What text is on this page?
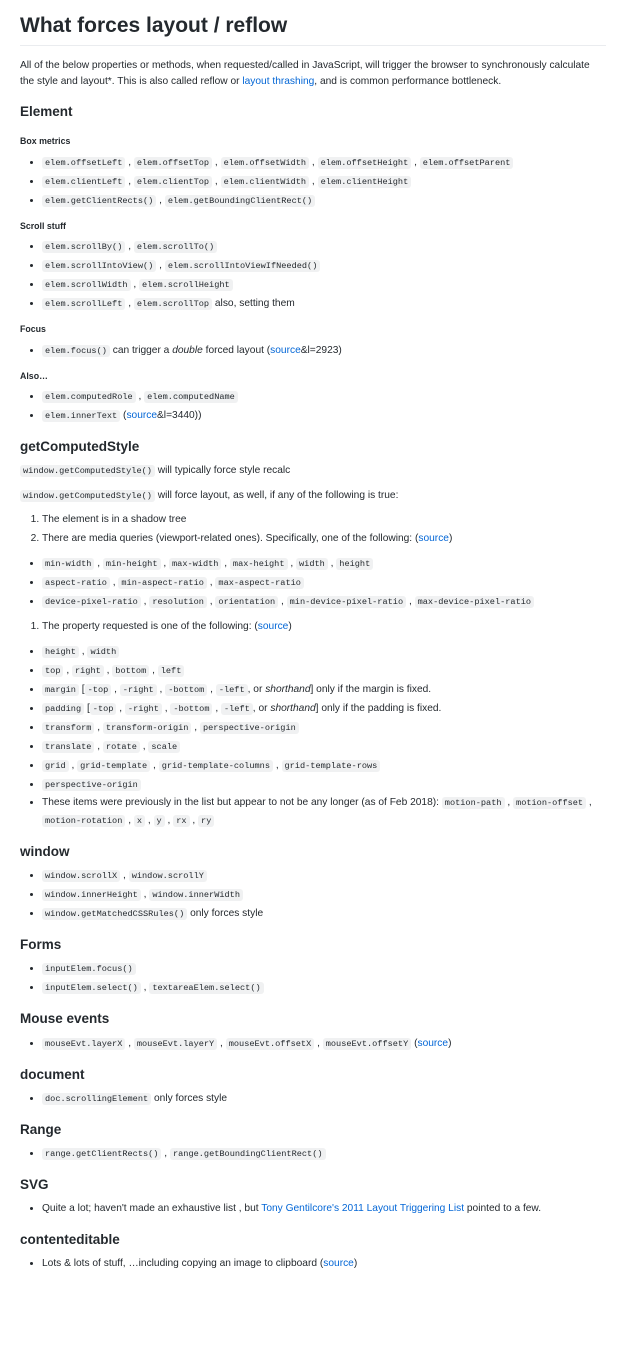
What forces layout / reflow

All of the below properties or methods, when requested/called in JavaScript, will trigger the browser to synchronously calculate the style and layout*. This is also called reflow or layout thrashing, and is common performance bottleneck.

Element
Box metrics
• elem.offsetLeft , elem.offsetTop , elem.offsetWidth , elem.offsetHeight , elem.offsetParent
• elem.clientLeft , elem.clientTop , elem.clientWidth , elem.clientHeight
• elem.getClientRects() , elem.getBoundingClientRect()
Scroll stuff
• elem.scrollBy() , elem.scrollTo()
• elem.scrollIntoView() , elem.scrollIntoViewIfNeeded()
• elem.scrollWidth , elem.scrollHeight
• elem.scrollLeft , elem.scrollTop also, setting them
Focus
• elem.focus() can trigger a double forced layout (source&l=2923)
Also…
• elem.computedRole , elem.computedName
• elem.innerText (source&l=3440))
getComputedStyle

window.getComputedStyle() will typically force style recalc

window.getComputedStyle() will force layout, as well, if any of the following is true:

1. The element is in a shadow tree
2. There are media queries (viewport-related ones). Specifically, one of the following: (source)
• min-width , min-height , max-width , max-height , width , height
• aspect-ratio , min-aspect-ratio , max-aspect-ratio
• device-pixel-ratio , resolution , orientation , min-device-pixel-ratio , max-device-pixel-ratio
1. The property requested is one of the following: (source)
• height , width
• top , right , bottom , left
• margin [ -top , -right , -bottom , -left , or shorthand] only if the margin is fixed.
• padding [ -top , -right , -bottom , -left , or shorthand] only if the padding is fixed.
• transform , transform-origin , perspective-origin
• translate , rotate , scale
• grid , grid-template , grid-template-columns , grid-template-rows
• perspective-origin
• These items were previously in the list but appear to not be any longer (as of Feb 2018): motion-path , motion-offset , motion-rotation , x , y , rx , ry
window
• window.scrollX , window.scrollY
• window.innerHeight , window.innerWidth
• window.getMatchedCSSRules() only forces style
Forms
• inputElem.focus()
• inputElem.select() , textareaElem.select()
Mouse events
• mouseEvt.layerX , mouseEvt.layerY , mouseEvt.offsetX , mouseEvt.offsetY (source)
document
• doc.scrollingElement only forces style
Range
• range.getClientRects() , range.getBoundingClientRect()
SVG
• Quite a lot; haven't made an exhaustive list , but Tony Gentilcore's 2011 Layout Triggering List pointed to a few.
contenteditable
• Lots & lots of stuff, …including copying an image to clipboard (source)
